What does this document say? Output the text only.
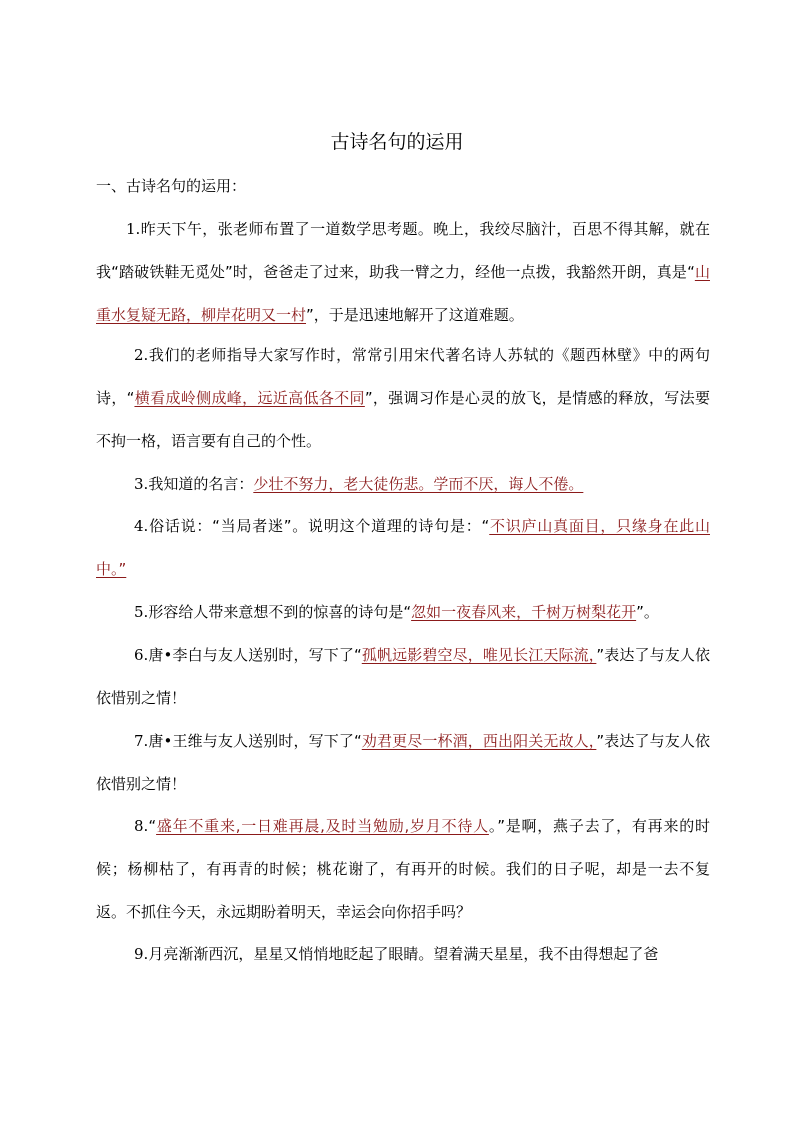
古诗名句的运用
一、古诗名句的运用：

1.昨天下午，张老师布置了一道数学思考题。晚上，我绞尽脑汁，百思不得其解，就在我“踏破铁鞋无觅处”时，爸爸走了过来，助我一臂之力，经他一点拨，我豁然开朗，真是“山重水复疑无路，柳岸花明又一村”，于是迅速地解开了这道难题。

2.我们的老师指导大家写作时，常常引用宋代著名诗人苏轼的《题西林壁》中的两句诗，“横看成岭侧成峰，远近高低各不同”，强调习作是心灵的放飞，是情感的释放，写法要不拘一格，语言要有自己的个性。

3.我知道的名言：少壮不努力，老大徒伤悲。学而不厌，诲人不倦。

4.俗话说：“当局者迷”。说明这个道理的诗句是：“不识庐山真面目，只缘身在此山中。”

5.形容给人带来意想不到的惊喜的诗句是“忽如一夜春风来，千树万树梨花开”。

6.唐•李白与友人送别时，写下了“孤帆远影碧空尽，唯见长江天际流，”表达了与友人依依惜别之情！

7.唐•王维与友人送别时，写下了“劝君更尽一杯酒，西出阳关无故人，”表达了与友人依依惜别之情！

8.“盛年不重来,一日难再晨,及时当勉励,岁月不待人。”是啊，燕子去了，有再来的时候；杨柳枯了，有再青的时候；桃花谢了，有再开的时候。我们的日子呢，却是一去不复返。不抓住今天，永远期盼着明天，幸运会向你招手吗？

9.月亮渐渐西沉，星星又悄悄地眨起了眼睛。望着满天星星，我不由得想起了爸
